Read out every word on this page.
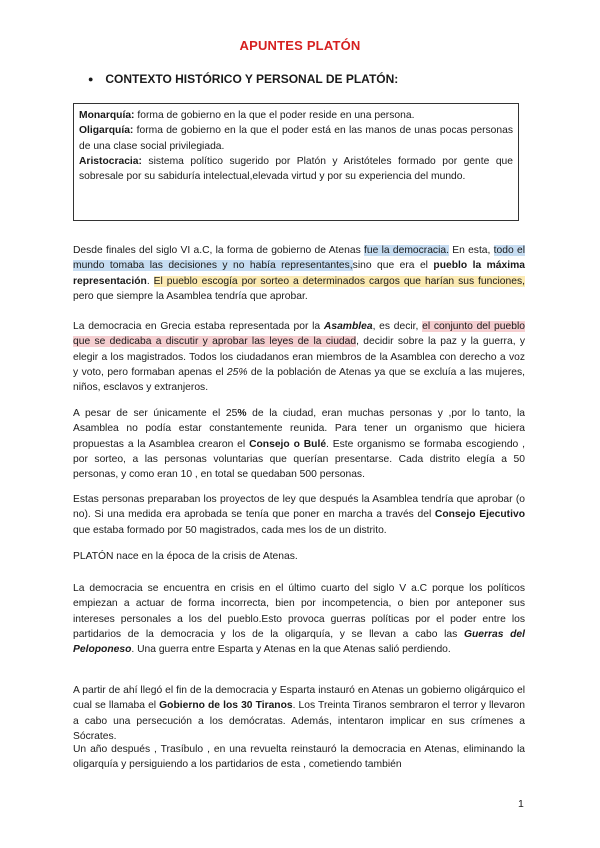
APUNTES PLATÓN
● CONTEXTO HISTÓRICO Y PERSONAL DE PLATÓN:

Monarquía: forma de gobierno en la que el poder reside en una persona.

Oligarquía: forma de gobierno en la que el poder está en las manos de unas pocas personas de una clase social privilegiada.

Aristocracia: sistema político sugerido por Platón y Aristóteles formado por gente que sobresale por su sabiduría intelectual,elevada virtud y por su experiencia del mundo.

Desde finales del siglo VI a.C, la forma de gobierno de Atenas fue la democracia. En esta, todo el mundo tomaba las decisiones y no había representantes,sino que era el pueblo la máxima representación. El pueblo escogía por sorteo a determinados cargos que harían sus funciones, pero que siempre la Asamblea tendría que aprobar.

La democracia en Grecia estaba representada por la Asamblea, es decir, el conjunto del pueblo que se dedicaba a discutir y aprobar las leyes de la ciudad, decidir sobre la paz y la guerra, y elegir a los magistrados. Todos los ciudadanos eran miembros de la Asamblea con derecho a voz y voto, pero formaban apenas el 25% de la población de Atenas ya que se excluía a las mujeres, niños, esclavos y extranjeros.

A pesar de ser únicamente el 25% de la ciudad, eran muchas personas y ,por lo tanto, la Asamblea no podía estar constantemente reunida. Para tener un organismo que hiciera propuestas a la Asamblea crearon el Consejo o Bulé. Este organismo se formaba escogiendo , por sorteo, a las personas voluntarias que querían presentarse. Cada distrito elegía a 50 personas, y como eran 10 , en total se quedaban 500 personas.

Estas personas preparaban los proyectos de ley que después la Asamblea tendría que aprobar (o no). Si una medida era aprobada se tenía que poner en marcha a través del Consejo Ejecutivo que estaba formado por 50 magistrados, cada mes los de un distrito.

PLATÓN nace en la época de la crisis de Atenas.

La democracia se encuentra en crisis en el último cuarto del siglo V a.C porque los políticos empiezan a actuar de forma incorrecta, bien por incompetencia, o bien por anteponer sus intereses personales a los del pueblo.Esto provoca guerras políticas por el poder entre los partidarios de la democracia y los de la oligarquía, y se llevan a cabo las Guerras del Peloponeso. Una guerra entre Esparta y Atenas en la que Atenas salió perdiendo.

A partir de ahí llegó el fin de la democracia y Esparta instauró en Atenas un gobierno oligárquico el cual se llamaba el Gobierno de los 30 Tiranos. Los Treinta Tiranos sembraron el terror y llevaron a cabo una persecución a los demócratas. Además, intentaron implicar en sus crímenes a Sócrates.

Un año después , Trasíbulo , en una revuelta reinstauró la democracia en Atenas, eliminando la oligarquía y persiguiendo a los partidarios de esta , cometiendo también

1
